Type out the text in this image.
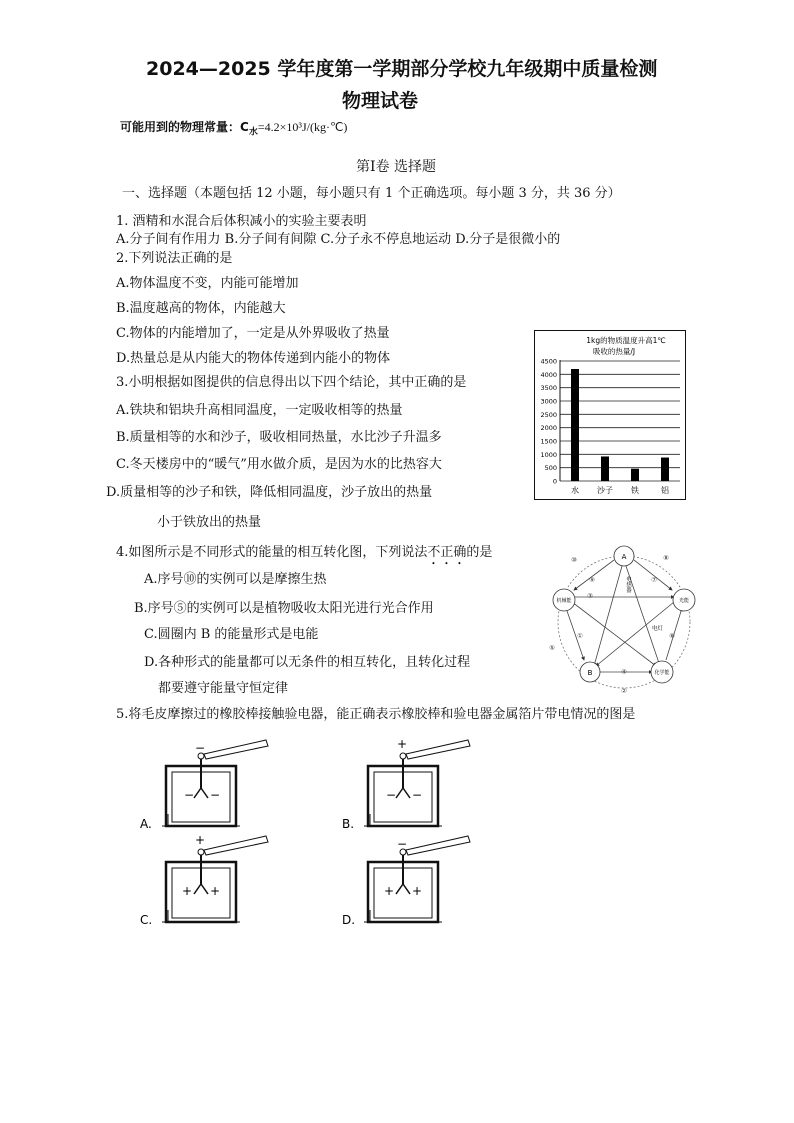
2024—2025 学年度第一学期部分学校九年级期中质量检测
物理试卷
可能用到的物理常量：$C_水=4.2\times 10^3J/(kg\cdot℃)$
第Ⅰ卷 选择题
一、选择题（本题包括 12 小题，每小题只有 1 个正确选项。每小题 3 分，共 36 分）
1. 酒精和水混合后体积减小的实验主要表明
A.分子间有作用力 B.分子间有间隙 C.分子永不停息地运动 D.分子是很微小的
2.下列说法正确的是
A.物体温度不变，内能可能增加
B.温度越高的物体，内能越大
C.物体的内能增加了，一定是从外界吸收了热量
D.热量总是从内能大的物体传递到内能小的物体
3.小明根据如图提供的信息得出以下四个结论，其中正确的是
A.铁块和铝块升高相同温度，一定吸收相等的热量
B.质量相等的水和沙子，吸收相同热量，水比沙子升温多
C.冬天楼房中的“暖气”用水做介质，是因为水的比热容大
D.质量相等的沙子和铁，降低相同温度，沙子放出的热量
小于铁放出的热量
1kg的物质温度升高1℃
吸收的热量/J
0
500
1000
1500
2000
2500
3000
3500
4000
4500
水 沙子 铁	铝
4.如图所示是不同形式的能量的相互转化图，下列说法不正确的是
A.序号⑩的实例可以是摩擦生热
B.序号⑤的实例可以是植物吸收太阳光进行光合作用
C.圆圈内 B 的能量形式是电能
D.各种形式的能量都可以无条件的相互转化，且转化过程
都要遵守能量守恒定律
A
机械能	光能
B	化学能
电热器
电灯
①
②
③
④
⑤
⑥
⑦
⑧
⑨
⑩
5.将毛皮摩擦过的橡胶棒接触验电器，能正确表示橡胶棒和验电器金属箔片带电情况的图是
A.
−
− −
B.
+
− −
C.
+
+ +
D.
−
+ +
